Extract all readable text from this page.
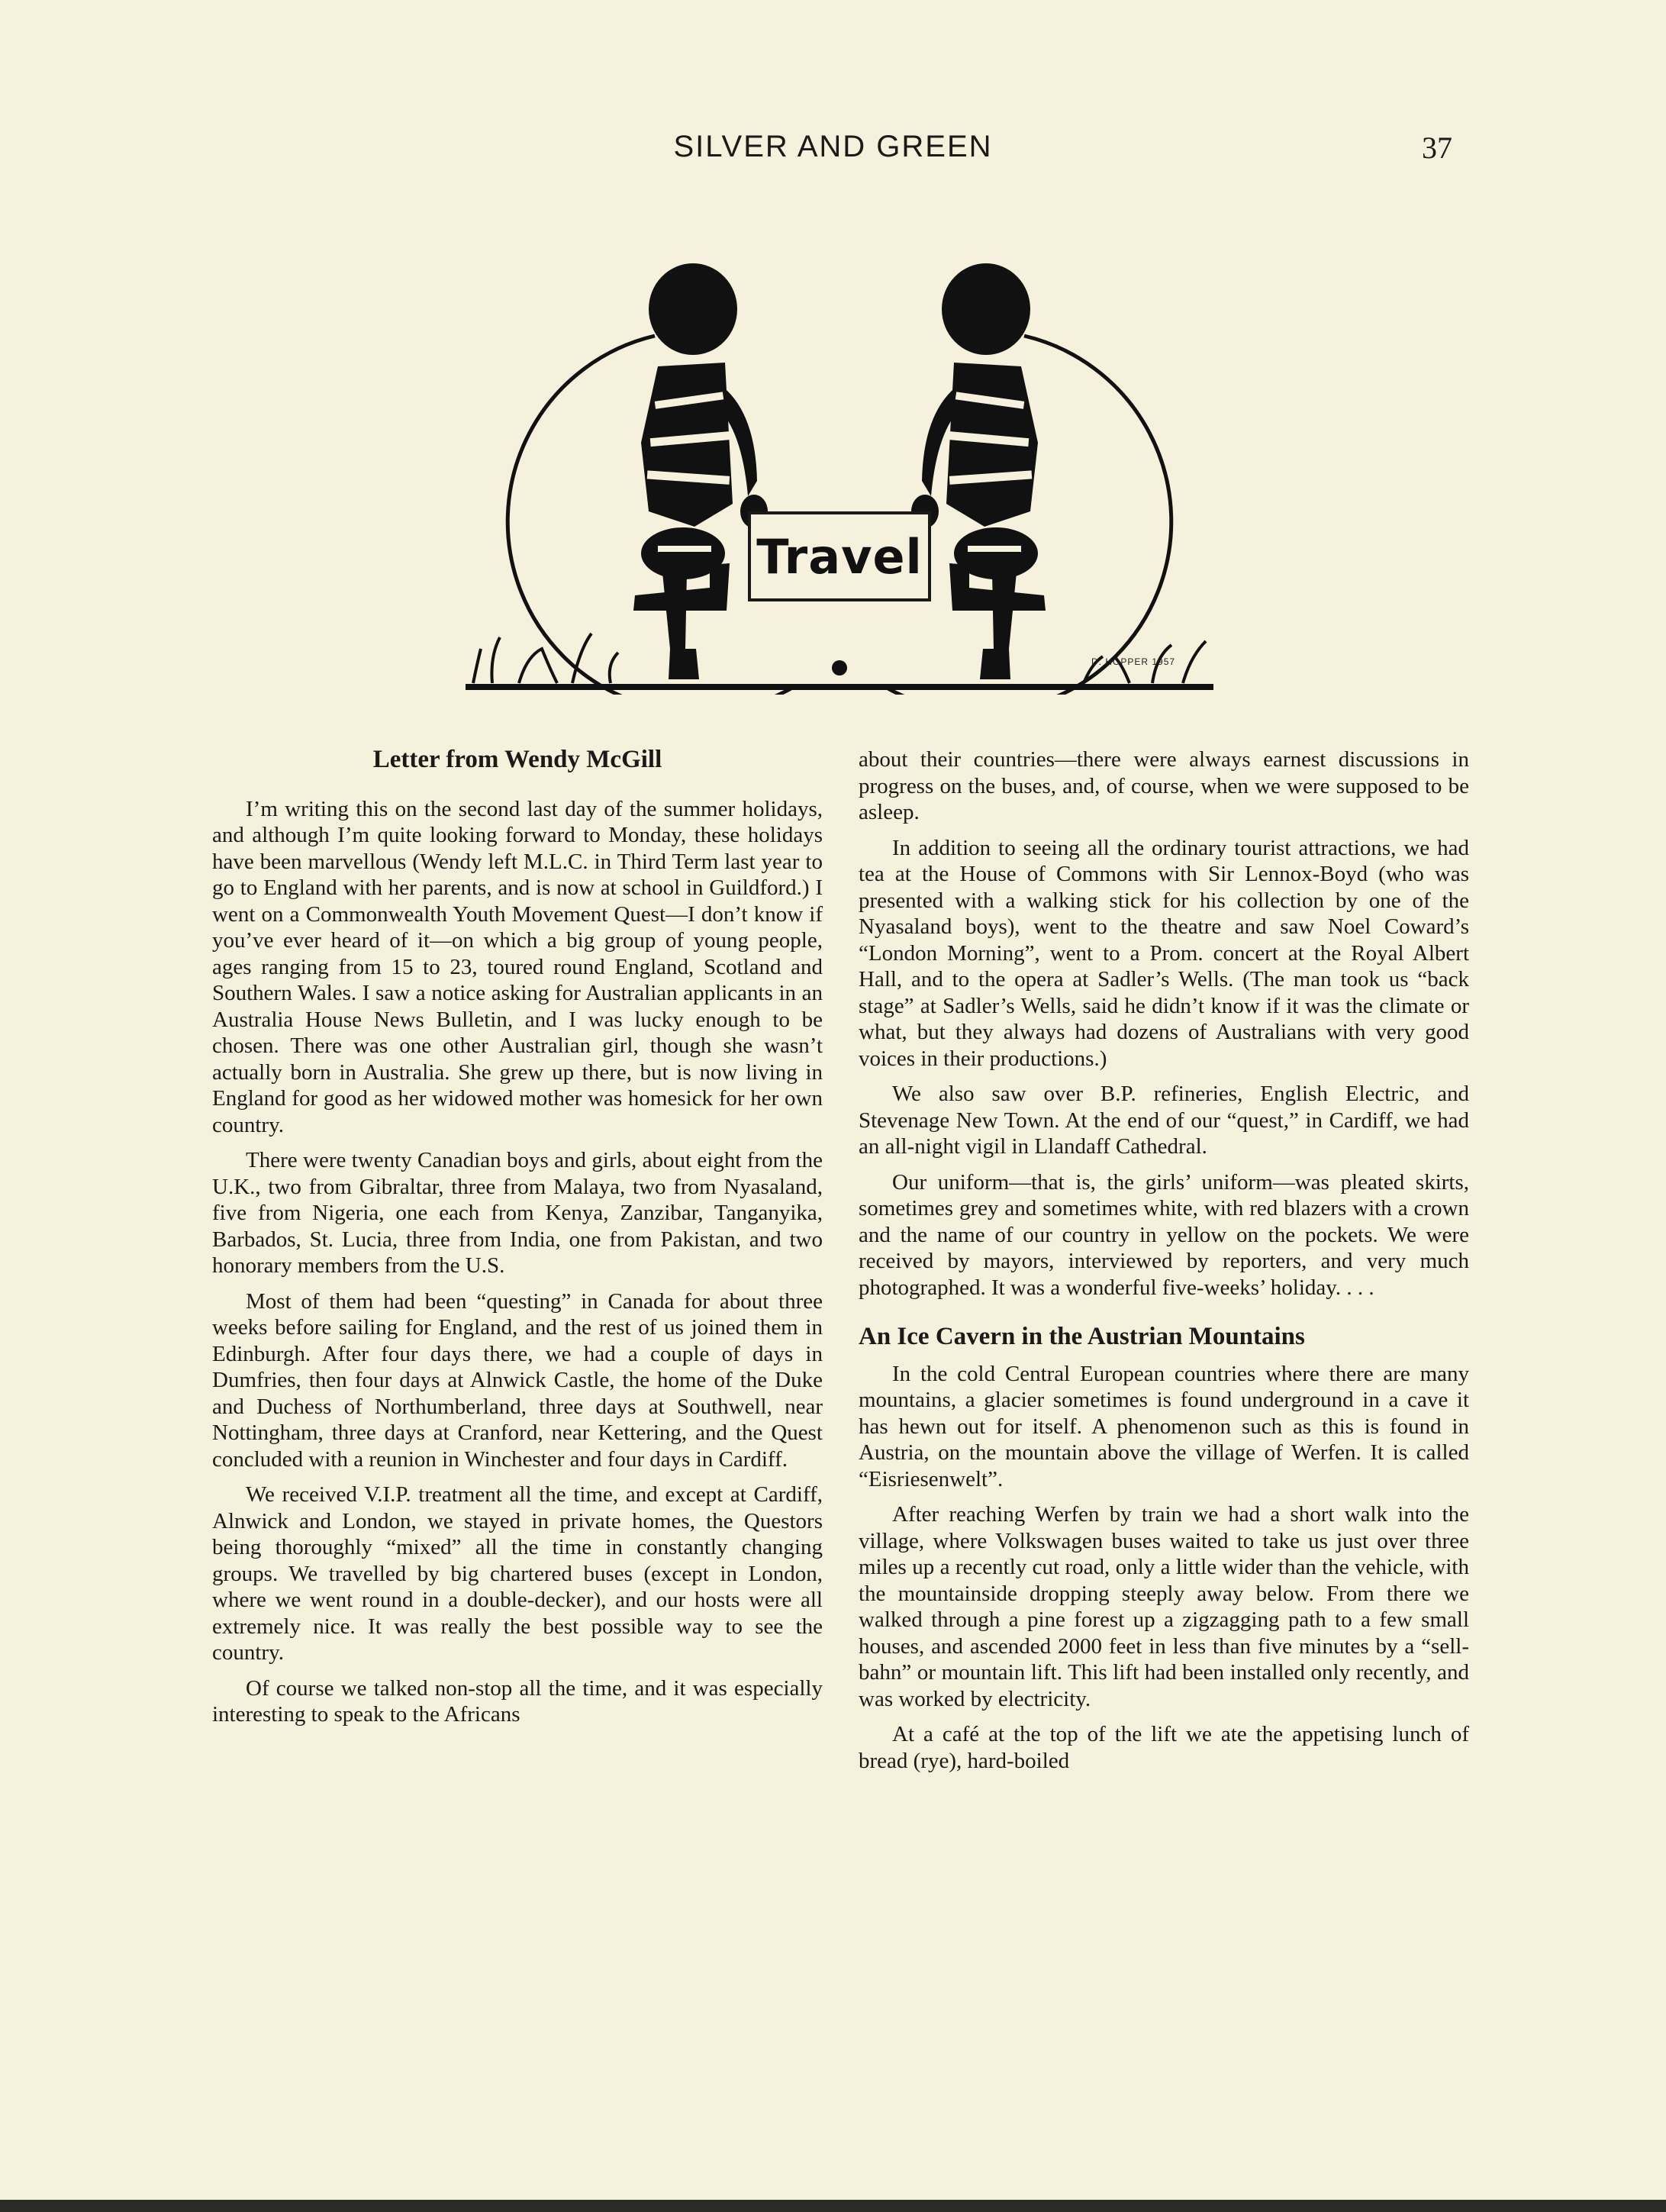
SILVER AND GREEN	37
Travel
D. HOPPER 1957
Letter from Wendy McGill

I’m writing this on the second last day of the summer holidays, and although I’m quite looking forward to Monday, these holidays have been marvellous (Wendy left M.L.C. in Third Term last year to go to England with her parents, and is now at school in Guildford.) I went on a Commonwealth Youth Movement Quest—I don’t know if you’ve ever heard of it—on which a big group of young people, ages ranging from 15 to 23, toured round England, Scotland and Southern Wales. I saw a notice asking for Australian applicants in an Australia House News Bulletin, and I was lucky enough to be chosen. There was one other Australian girl, though she wasn’t actually born in Australia. She grew up there, but is now living in England for good as her widowed mother was homesick for her own country.

There were twenty Canadian boys and girls, about eight from the U.K., two from Gibraltar, three from Malaya, two from Nyasaland, five from Nigeria, one each from Kenya, Zanzibar, Tanganyika, Barbados, St. Lucia, three from India, one from Pakistan, and two honorary members from the U.S.

Most of them had been “questing” in Canada for about three weeks before sailing for England, and the rest of us joined them in Edinburgh. After four days there, we had a couple of days in Dumfries, then four days at Alnwick Castle, the home of the Duke and Duchess of Northumberland, three days at Southwell, near Nottingham, three days at Cranford, near Kettering, and the Quest concluded with a reunion in Winchester and four days in Cardiff.

We received V.I.P. treatment all the time, and except at Cardiff, Alnwick and London, we stayed in private homes, the Questors being thoroughly “mixed” all the time in constantly changing groups. We travelled by big chartered buses (except in London, where we went round in a double-decker), and our hosts were all extremely nice. It was really the best possible way to see the country.

Of course we talked non-stop all the time, and it was especially interesting to speak to the Africans

about their countries—there were always earnest discussions in progress on the buses, and, of course, when we were supposed to be asleep.

In addition to seeing all the ordinary tourist attractions, we had tea at the House of Commons with Sir Lennox-Boyd (who was presented with a walking stick for his collection by one of the Nyasaland boys), went to the theatre and saw Noel Coward’s “London Morning”, went to a Prom. concert at the Royal Albert Hall, and to the opera at Sadler’s Wells. (The man took us “back stage” at Sadler’s Wells, said he didn’t know if it was the climate or what, but they always had dozens of Australians with very good voices in their productions.)

We also saw over B.P. refineries, English Electric, and Stevenage New Town. At the end of our “quest,” in Cardiff, we had an all-night vigil in Llandaff Cathedral.

Our uniform—that is, the girls’ uniform—was pleated skirts, sometimes grey and sometimes white, with red blazers with a crown and the name of our country in yellow on the pockets. We were received by mayors, interviewed by reporters, and very much photographed. It was a wonderful five-weeks’ holiday. . . .

An Ice Cavern in the Austrian Mountains

In the cold Central European countries where there are many mountains, a glacier sometimes is found underground in a cave it has hewn out for itself. A phenomenon such as this is found in Austria, on the mountain above the village of Werfen. It is called “Eisriesenwelt”.

After reaching Werfen by train we had a short walk into the village, where Volkswagen buses waited to take us just over three miles up a recently cut road, only a little wider than the vehicle, with the mountainside dropping steeply away below. From there we walked through a pine forest up a zigzagging path to a few small houses, and ascended 2000 feet in less than five minutes by a “sell-bahn” or mountain lift. This lift had been installed only recently, and was worked by electricity.

At a café at the top of the lift we ate the appetising lunch of bread (rye), hard-boiled
